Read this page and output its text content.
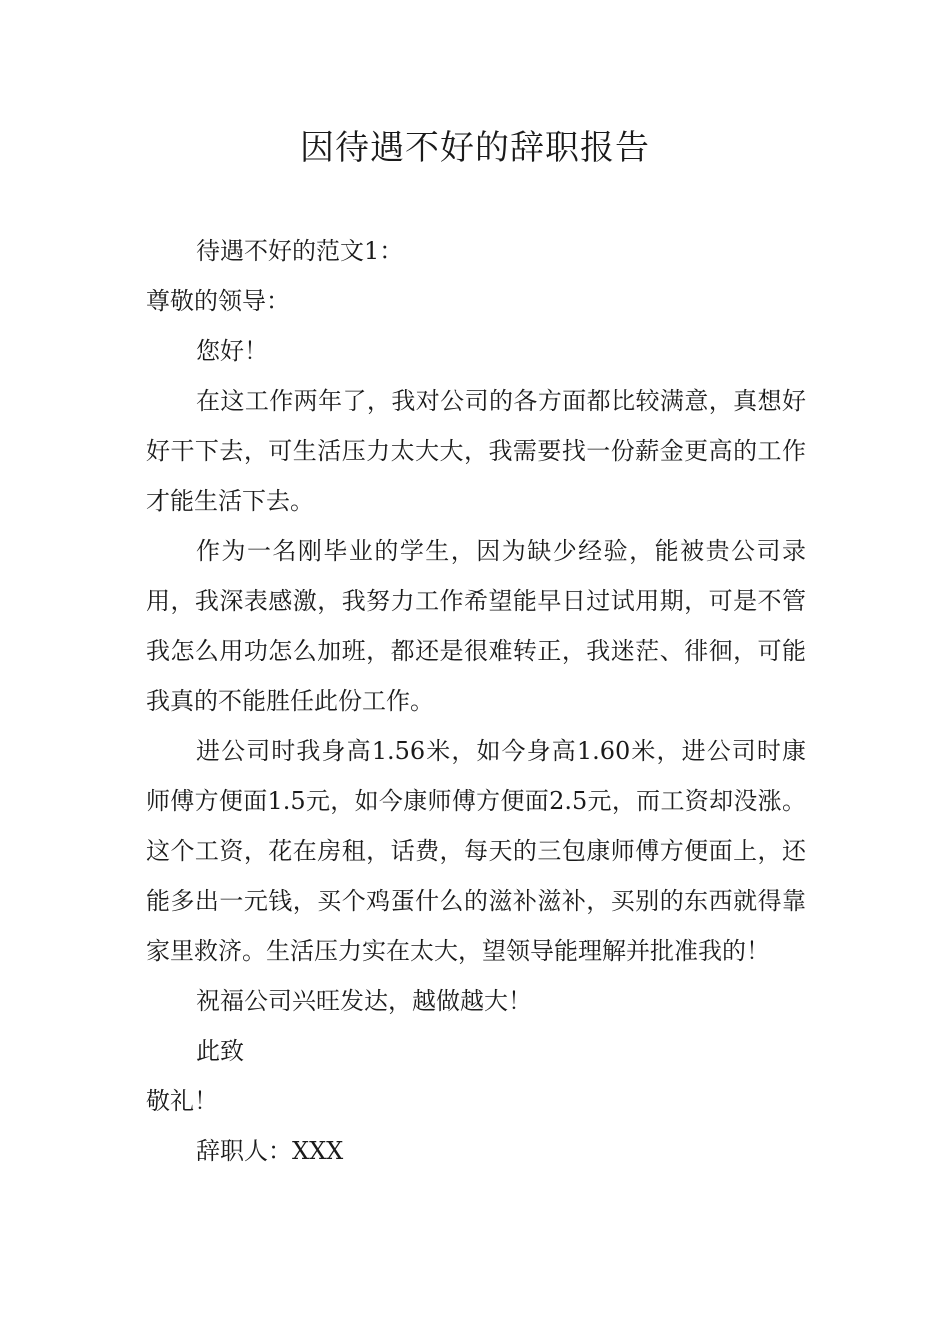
因待遇不好的辞职报告

待遇不好的范文1：

尊敬的领导：

您好！

在这工作两年了，我对公司的各方面都比较满意，真想好好干下去，可生活压力太大大，我需要找一份薪金更高的工作才能生活下去。

作为一名刚毕业的学生，因为缺少经验，能被贵公司录用，我深表感激，我努力工作希望能早日过试用期，可是不管我怎么用功怎么加班，都还是很难转正，我迷茫、徘徊，可能我真的不能胜任此份工作。

进公司时我身高1.56米，如今身高1.60米，进公司时康师傅方便面1.5元，如今康师傅方便面2.5元，而工资却没涨。这个工资，花在房租，话费，每天的三包康师傅方便面上，还能多出一元钱，买个鸡蛋什么的滋补滋补，买别的东西就得靠家里救济。生活压力实在太大，望领导能理解并批准我的！

祝福公司兴旺发达，越做越大！

此致

敬礼！

辞职人：XXX
